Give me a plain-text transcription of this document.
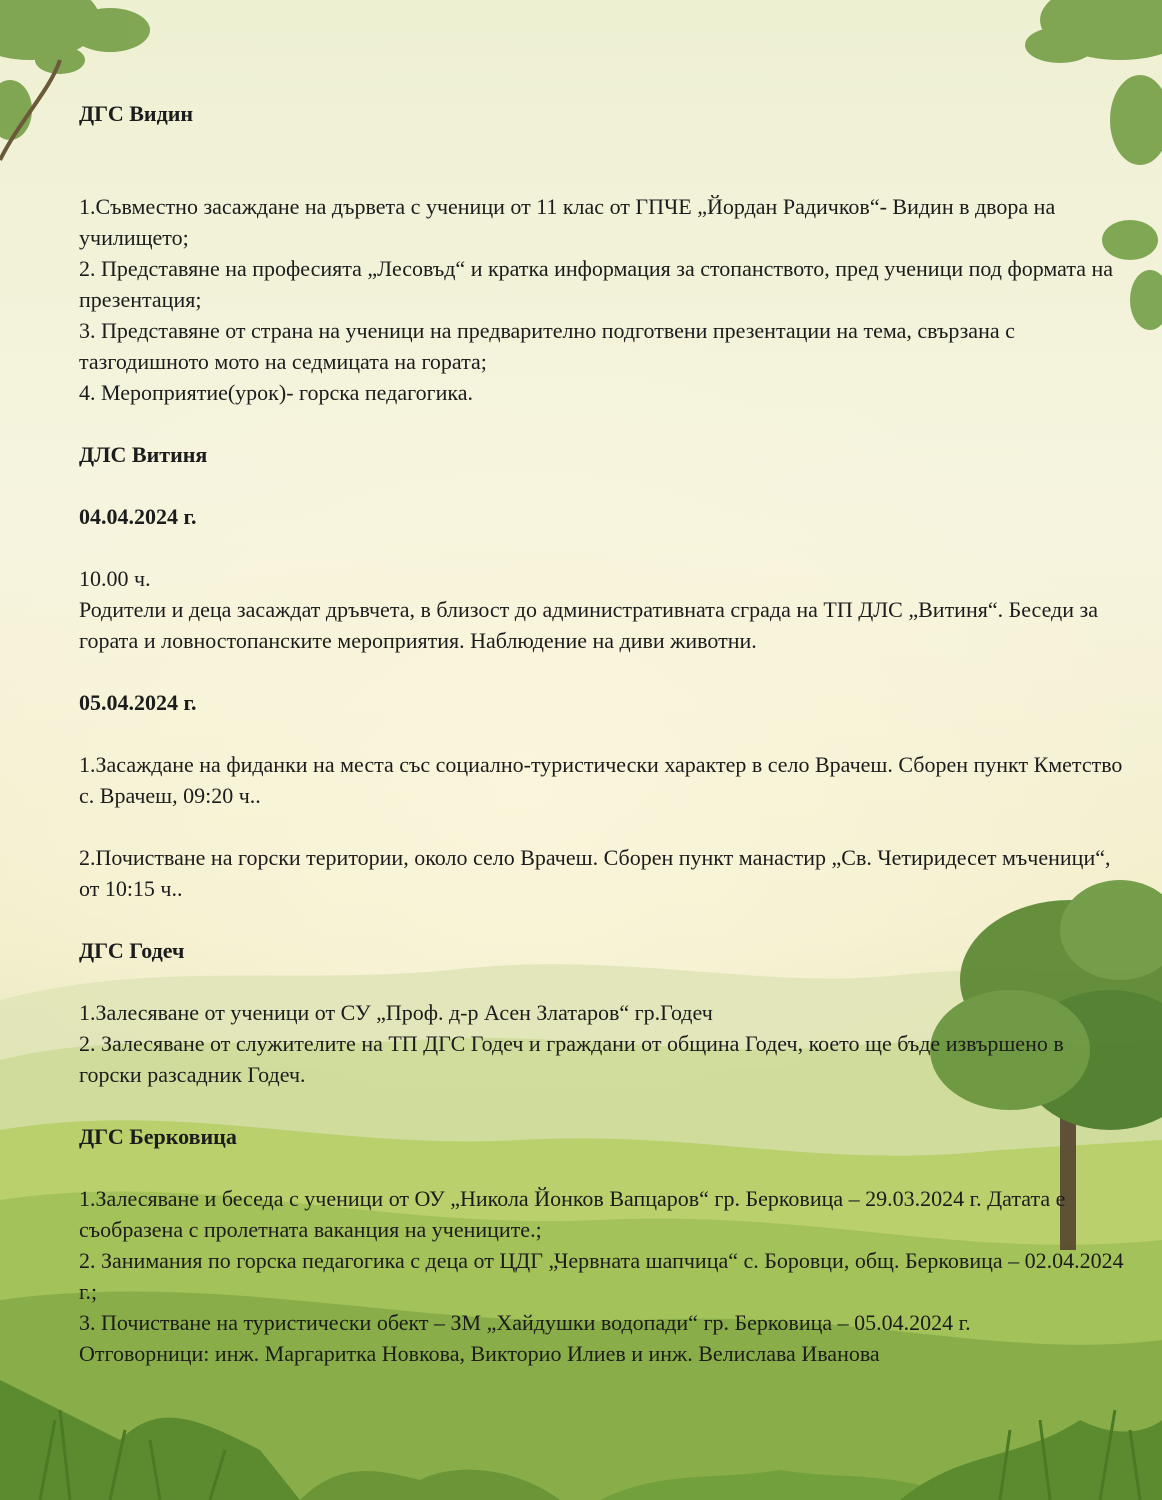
ДГС Видин

1.Съвместно засаждане на дървета с ученици от 11 клас от ГПЧЕ „Йордан Радичков“- Видин в двора на училището;

2. Представяне на професията „Лесовъд“ и кратка информация за стопанството, пред ученици под формата на презентация;

3. Представяне от страна на ученици на предварително подготвени презентации на тема, свързана с тазгодишното мото на седмицата на гората;

4. Мероприятие(урок)- горска педагогика.

ДЛС Витиня

04.04.2024 г.

10.00 ч.

Родители и деца засаждат дръвчета, в близост до административната сграда на ТП ДЛС „Витиня“. Беседи за гората и ловностопанските мероприятия. Наблюдение на диви животни.

05.04.2024 г.

1.Засаждане на фиданки на места със социално-туристически характер в село Врачеш. Сборен пункт Кметство с. Врачеш, 09:20 ч..

2.Почистване на горски територии, около село Врачеш. Сборен пункт манастир „Св. Четиридесет мъченици“, от 10:15 ч..

ДГС Годеч

1.Залесяване от ученици от СУ „Проф. д-р Асен Златаров“ гр.Годеч

2. Залесяване от служителите на ТП ДГС Годеч и граждани от община Годеч, което ще бъде извършено в горски разсадник Годеч.

ДГС Берковица

1.Залесяване и беседа с ученици от ОУ „Никола Йонков Вапцаров“ гр. Берковица – 29.03.2024 г. Датата е съобразена с пролетната ваканция на учениците.;

2. Занимания по горска педагогика с деца от ЦДГ „Червната шапчица“ с. Боровци, общ. Берковица – 02.04.2024 г.;

3. Почистване на туристически обект – ЗМ „Хайдушки водопади“ гр. Берковица – 05.04.2024 г.

Отговорници: инж. Маргаритка Новкова, Викторио Илиев и инж. Велислава Иванова
